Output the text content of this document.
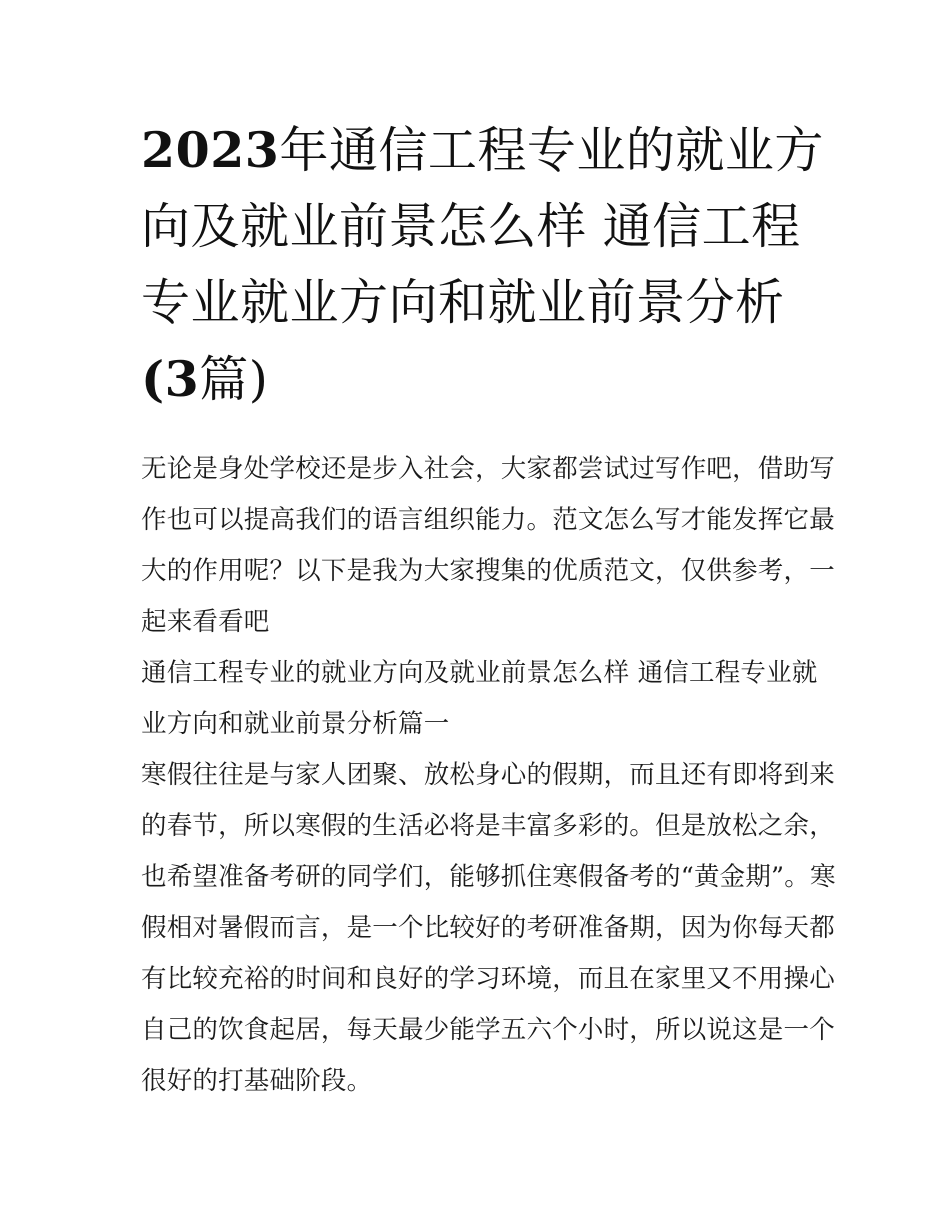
2023年通信工程专业的就业方
向及就业前景怎么样 通信工程
专业就业方向和就业前景分析
(3篇)

无论是身处学校还是步入社会，大家都尝试过写作吧，借助写
作也可以提高我们的语言组织能力。范文怎么写才能发挥它最
大的作用呢？以下是我为大家搜集的优质范文，仅供参考，一
起来看看吧

通信工程专业的就业方向及就业前景怎么样 通信工程专业就
业方向和就业前景分析篇一

寒假往往是与家人团聚、放松身心的假期，而且还有即将到来
的春节，所以寒假的生活必将是丰富多彩的。但是放松之余，
也希望准备考研的同学们，能够抓住寒假备考的“黄金期”。寒
假相对暑假而言，是一个比较好的考研准备期，因为你每天都
有比较充裕的时间和良好的学习环境，而且在家里又不用操心
自己的饮食起居，每天最少能学五六个小时，所以说这是一个
很好的打基础阶段。
